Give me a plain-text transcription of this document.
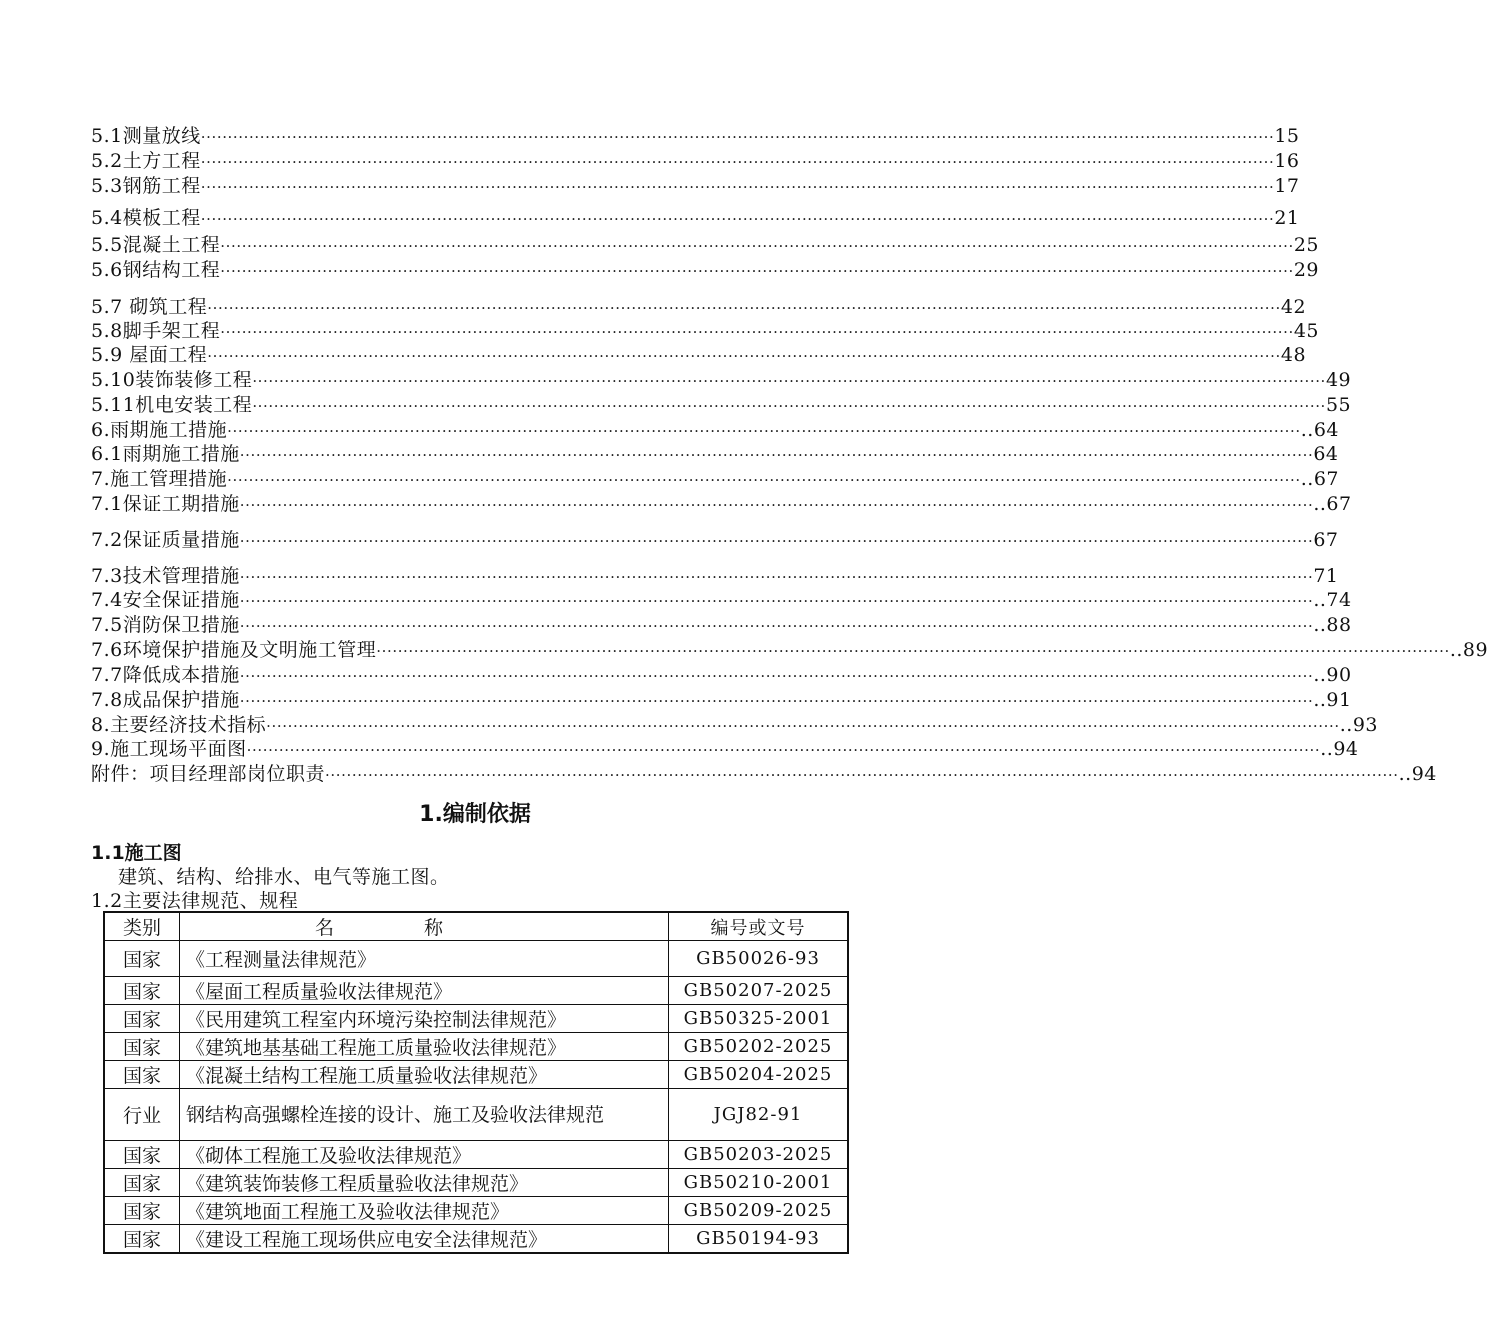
5.1测量放线 ········································································································································································································ 15
5.2土方工程 ········································································································································································································ 16
5.3钢筋工程 ········································································································································································································ 17
5.4模板工程 ········································································································································································································ 21
5.5混凝土工程 ········································································································································································································ 25
5.6钢结构工程 ········································································································································································································ 29
5.7 砌筑工程 ········································································································································································································ 42
5.8脚手架工程 ········································································································································································································ 45
5.9 屋面工程 ········································································································································································································ 48
5.10装饰装修工程 ········································································································································································································ 49
5.11机电安装工程 ········································································································································································································ 55
6.雨期施工措施 ········································································································································································································ ..64
6.1雨期施工措施 ········································································································································································································ 64
7.施工管理措施 ········································································································································································································ ..67
7.1保证工期措施 ········································································································································································································ ..67
7.2保证质量措施 ········································································································································································································ 67
7.3技术管理措施 ········································································································································································································ 71
7.4安全保证措施 ········································································································································································································ ..74
7.5消防保卫措施 ········································································································································································································ ..88
7.6环境保护措施及文明施工管理 ········································································································································································································ ..89
7.7降低成本措施 ········································································································································································································ ..90
7.8成品保护措施 ········································································································································································································ ..91
8.主要经济技术指标 ········································································································································································································ ..93
9.施工现场平面图 ········································································································································································································ ..94
附件：项目经理部岗位职责 ········································································································································································································ ..94
1.编制依据
1.1施工图
建筑、结构、给排水、电气等施工图。
1.2主要法律规范、规程
类别	名称	编号或文号
国家	《工程测量法律规范》	GB50026-93
国家	《屋面工程质量验收法律规范》	GB50207-2025
国家	《民用建筑工程室内环境污染控制法律规范》	GB50325-2001
国家	《建筑地基基础工程施工质量验收法律规范》	GB50202-2025
国家	《混凝土结构工程施工质量验收法律规范》	GB50204-2025
行业	钢结构高强螺栓连接的设计、施工及验收法律规范	JGJ82-91
国家	《砌体工程施工及验收法律规范》	GB50203-2025
国家	《建筑装饰装修工程质量验收法律规范》	GB50210-2001
国家	《建筑地面工程施工及验收法律规范》	GB50209-2025
国家	《建设工程施工现场供应电安全法律规范》	GB50194-93
